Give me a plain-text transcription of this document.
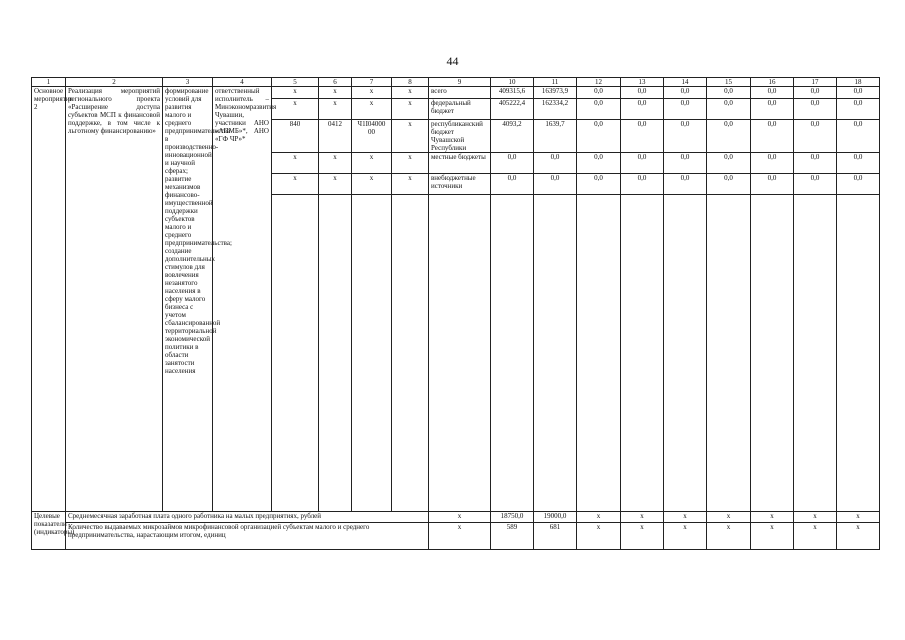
44
1	2	3	4	5	6	7	8	9	10	11	12	13	14	15	16	17	18
Основное мероприятие 2	Реализация мероприятий регионального проекта «Расширение доступа субъектов МСП к финансовой поддержке, в том числе к льготному финансированию»	формирование условий для развития малого и среднего предпринимательства в производственно-инновационной и научной сферах; развитие механизмов финансово-имущественной поддержки субъектов малого и среднего предпринимательства; создание дополнительных стимулов для вовлечения незанятого населения в сферу малого бизнеса с учетом сбалансированной территориальной экономической политики в области занятости населения	ответственный исполнитель – Минэкономразвития Чувашии, участники АНО «АПМБ»*, АНО «ГФ ЧР»*	x	x	x	x	всего	409315,6	163973,9	0,0	0,0	0,0	0,0	0,0	0,0	0,0
				x	x	x	x	федеральный бюджет	405222,4	162334,2	0,0	0,0	0,0	0,0	0,0	0,0	0,0
				840	0412	Ч1I04000 00	x	республиканский бюджет Чувашской Республики	4093,2	1639,7	0,0	0,0	0,0	0,0	0,0	0,0	0,0
				x	x	x	x	местные бюджеты	0,0	0,0	0,0	0,0	0,0	0,0	0,0	0,0	0,0
				x	x	x	x	внебюджетные источники	0,0	0,0	0,0	0,0	0,0	0,0	0,0	0,0	0,0

Целевые показатели (индикаторы)	Среднемесячная заработная плата одного работника на малых предприятиях, рублей							x	18750,0	19000,0	x	x	x	x	x	x	x
	Количество выдаваемых микрозаймов микрофинансовой организацией субъектам малого и среднего предпринимательства, нарастающим итогом, единиц							x	589	681	x	x	x	x	x	x	x
